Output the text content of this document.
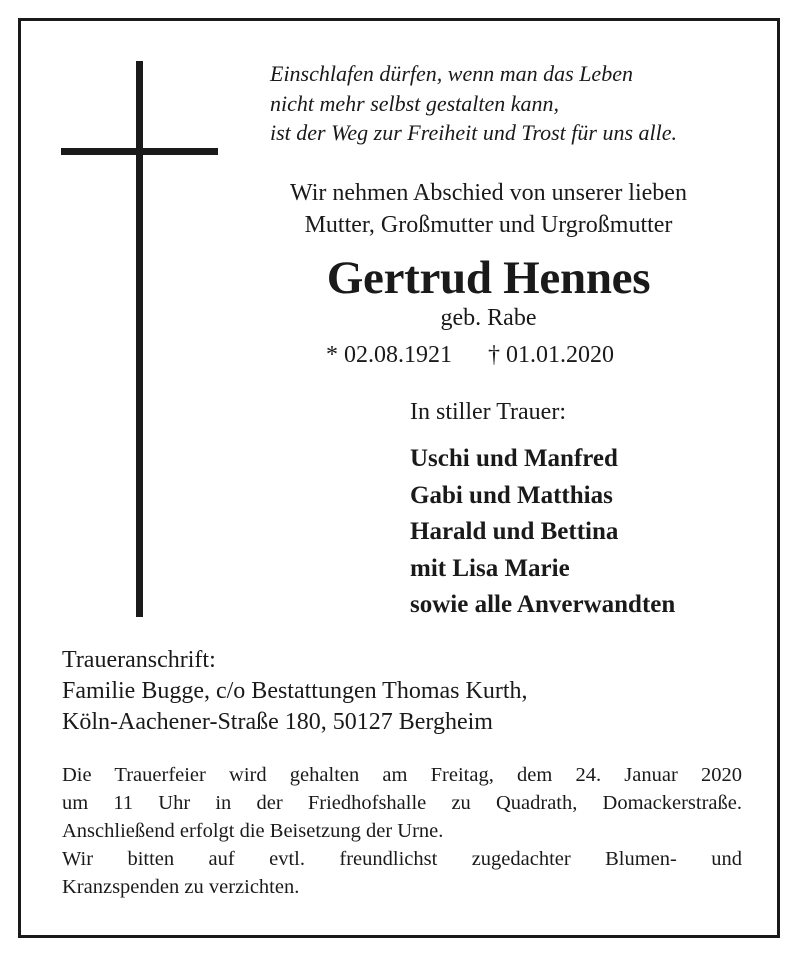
Einschlafen dürfen, wenn man das Leben
nicht mehr selbst gestalten kann,
ist der Weg zur Freiheit und Trost für uns alle.
Wir nehmen Abschied von unserer lieben
Mutter, Großmutter und Urgroßmutter
Gertrud Hennes
geb. Rabe
* 02.08.1921 † 01.01.2020
In stiller Trauer:
Uschi und Manfred
Gabi und Matthias
Harald und Bettina
mit Lisa Marie
sowie alle Anverwandten
Traueranschrift:
Familie Bugge, c/o Bestattungen Thomas Kurth,
Köln-Aachener-Straße 180, 50127 Bergheim
Die Trauerfeier wird gehalten am Freitag, dem 24. Januar 2020
um 11 Uhr in der Friedhofshalle zu Quadrath, Domackerstraße.
Anschließend erfolgt die Beisetzung der Urne.
Wir bitten auf evtl. freundlichst zugedachter Blumen- und
Kranzspenden zu verzichten.
